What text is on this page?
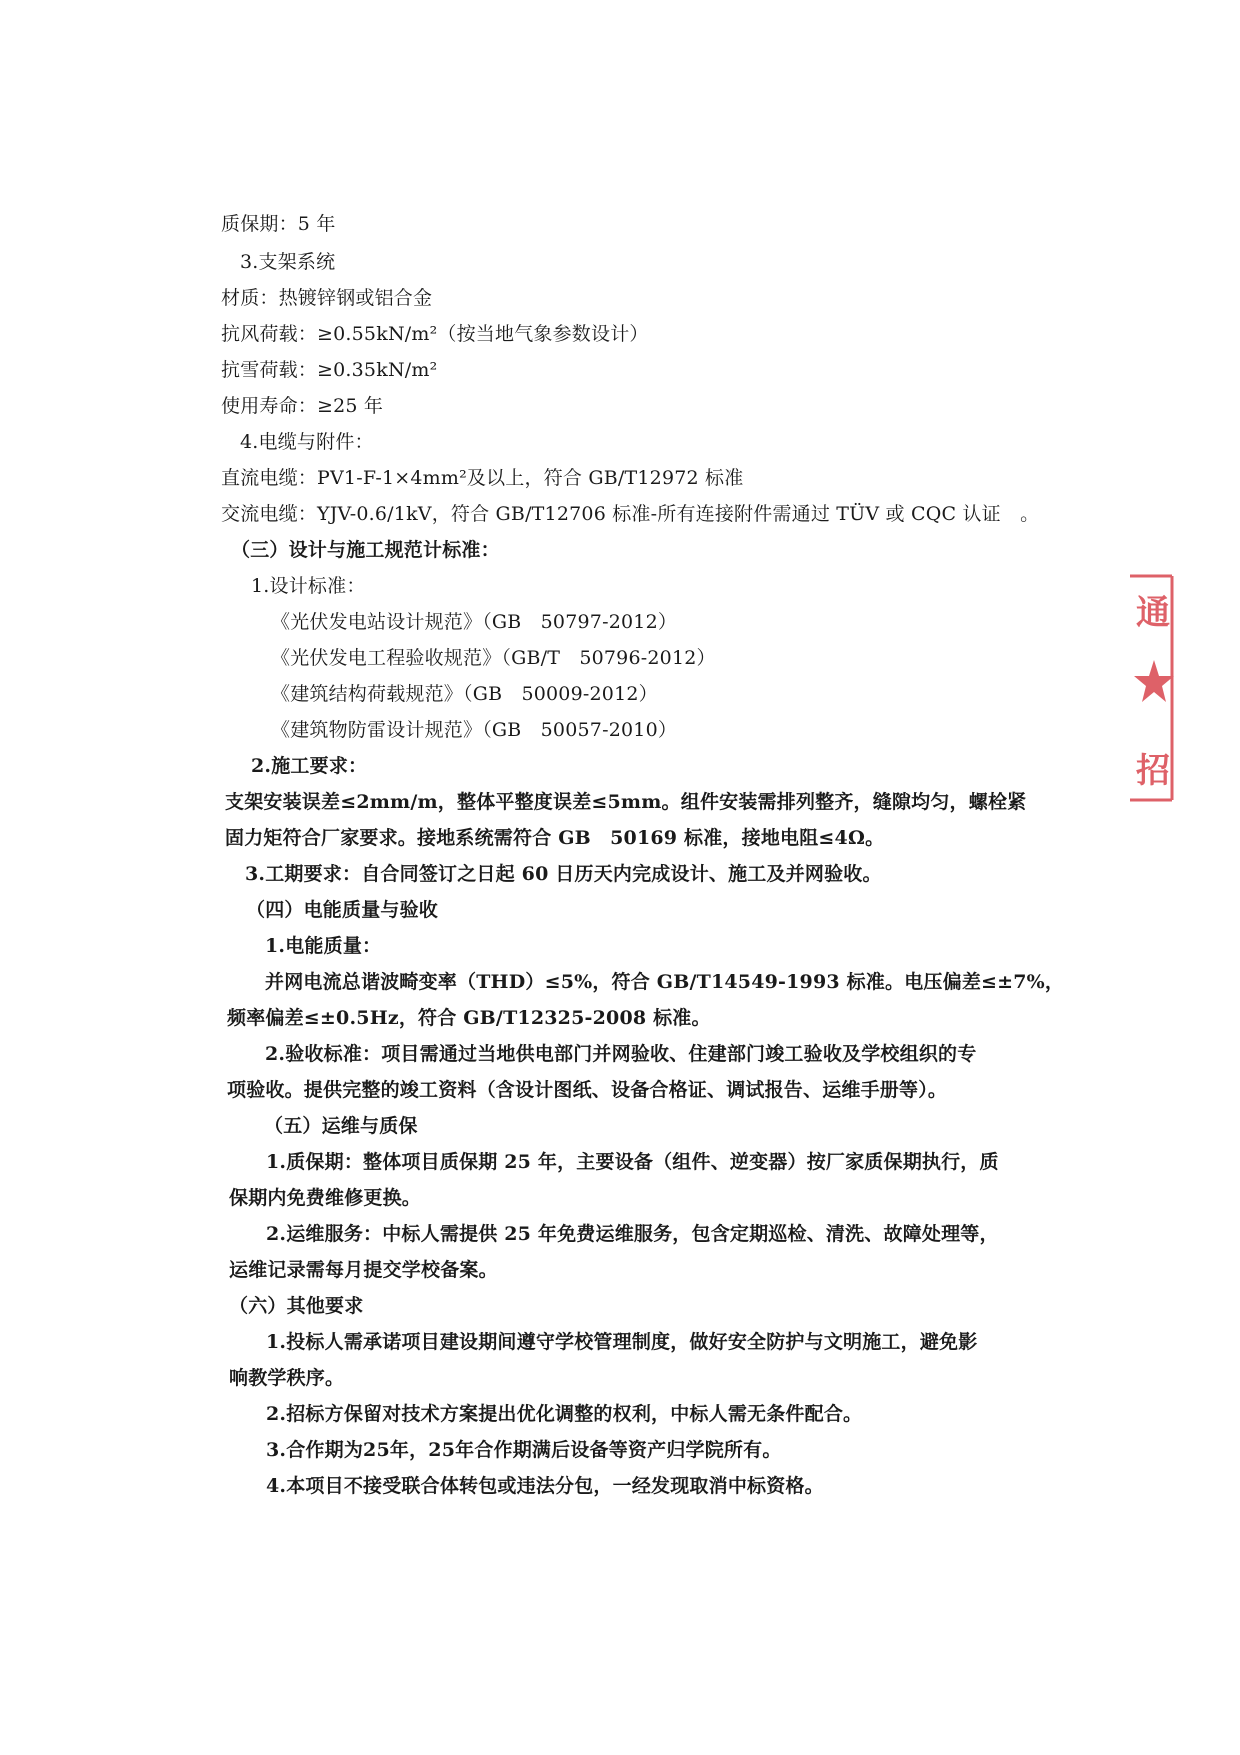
质保期：5 年
3.支架系统
材质：热镀锌钢或铝合金
抗风荷载：≥0.55kN/m²（按当地气象参数设计）
抗雪荷载：≥0.35kN/m²
使用寿命：≥25 年
4.电缆与附件：
直流电缆：PV1-F-1×4mm²及以上，符合 GB/T12972 标准
交流电缆：YJV-0.6/1kV，符合 GB/T12706 标准-所有连接附件需通过 TÜV 或 CQC 认证　。
（三）设计与施工规范计标准：
1.设计标准：
《光伏发电站设计规范》（GB　50797-2012）
《光伏发电工程验收规范》（GB/T　50796-2012）
《建筑结构荷载规范》（GB　50009-2012）
《建筑物防雷设计规范》（GB　50057-2010）
2.施工要求：
支架安装误差≤2mm/m，整体平整度误差≤5mm。组件安装需排列整齐，缝隙均匀，螺栓紧
固力矩符合厂家要求。接地系统需符合 GB　50169 标准，接地电阻≤4Ω。
3.工期要求：自合同签订之日起 60 日历天内完成设计、施工及并网验收。
（四）电能质量与验收
1.电能质量：
并网电流总谐波畸变率（THD）≤5%，符合 GB/T14549-1993 标准。电压偏差≤±7%，
频率偏差≤±0.5Hz，符合 GB/T12325-2008 标准。
2.验收标准：项目需通过当地供电部门并网验收、住建部门竣工验收及学校组织的专
项验收。提供完整的竣工资料（含设计图纸、设备合格证、调试报告、运维手册等）。
（五）运维与质保
1.质保期：整体项目质保期 25 年，主要设备（组件、逆变器）按厂家质保期执行，质
保期内免费维修更换。
2.运维服务：中标人需提供 25 年免费运维服务，包含定期巡检、清洗、故障处理等，
运维记录需每月提交学校备案。
（六）其他要求
1.投标人需承诺项目建设期间遵守学校管理制度，做好安全防护与文明施工，避免影
响教学秩序。
2.招标方保留对技术方案提出优化调整的权利，中标人需无条件配合。
3.合作期为25年，25年合作期满后设备等资产归学院所有。
4.本项目不接受联合体转包或违法分包，一经发现取消中标资格。
通
招
